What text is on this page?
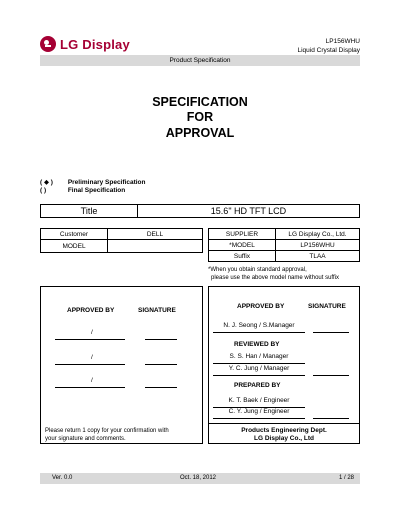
LG Display	LP156WHU
Liquid Crystal Display
Product Specification
SPECIFICATION
FOR
APPROVAL
( ◆ ) Preliminary Specification
( )	Final Specification
Title	15.6" HD TFT LCD
Customer	DELL
MODEL	
SUPPLIER	LG Display Co., Ltd.
*MODEL	LP156WHU
Suffix	TLAA
*When you obtain standard approval,
please use the above model name without suffix
APPROVED BY	SIGNATURE
/
/
/
Please return 1 copy for your confirmation with
your signature and comments.
APPROVED BY	SIGNATURE
N. J. Seong / S.Manager
REVIEWED BY
S. S. Han / Manager
Y. C. Jung / Manager
PREPARED BY
K. T. Baek / Engineer
C. Y. Jung / Engineer
Products Engineering Dept.
LG Display Co., Ltd
Ver. 0.0	Oct. 18, 2012	1 / 28
